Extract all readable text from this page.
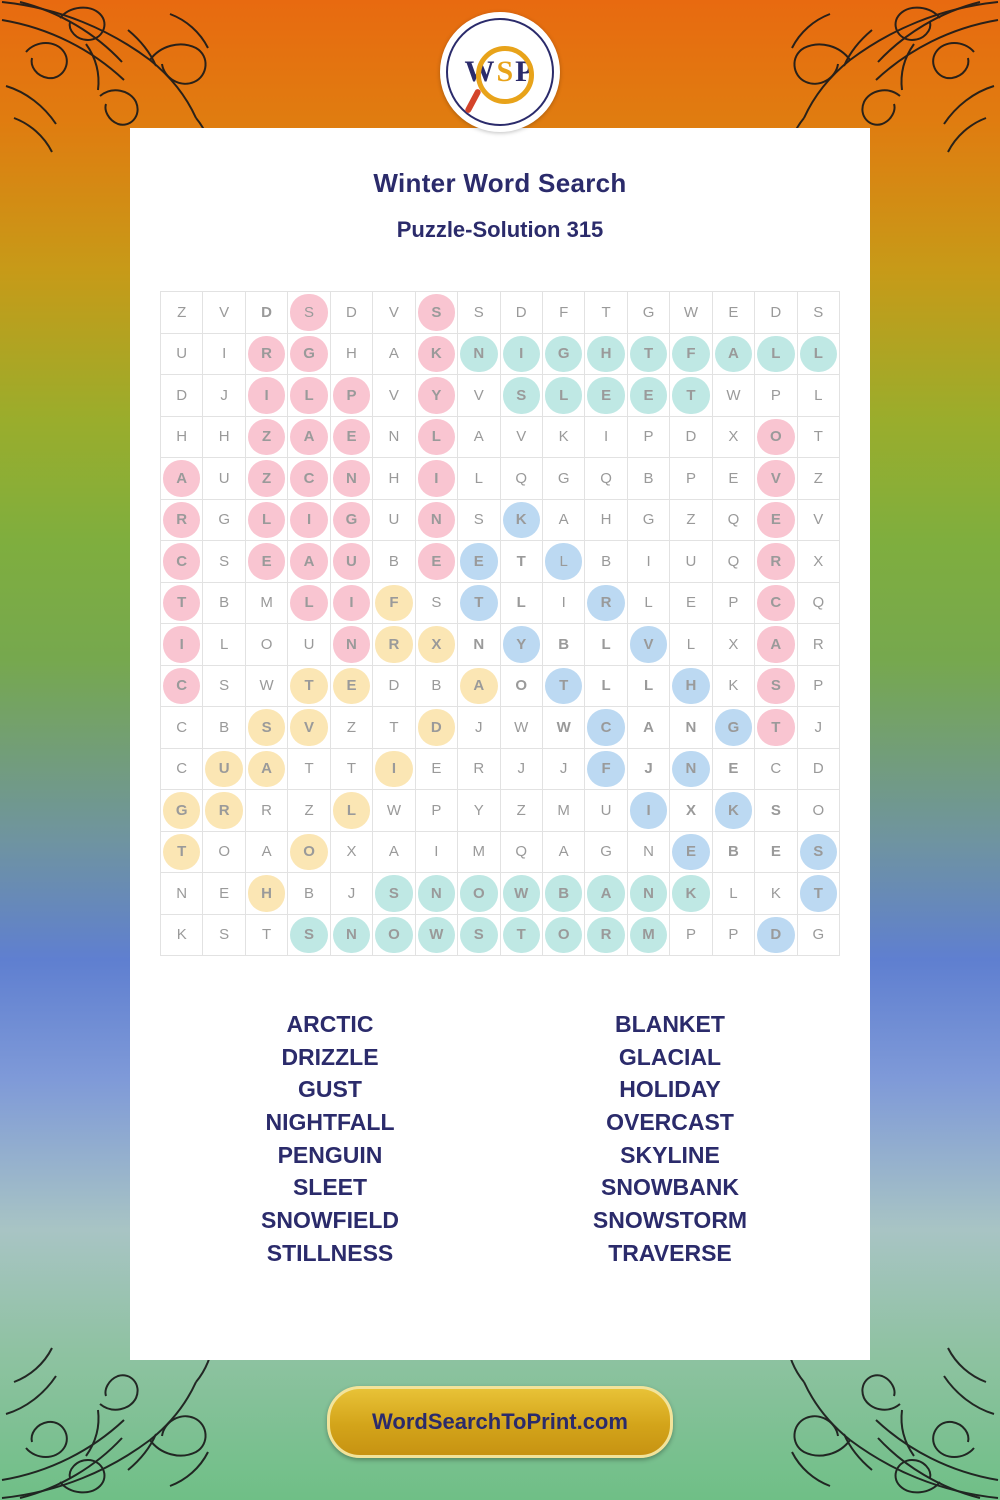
WSP
Winter Word Search
Puzzle-Solution 315
Z	V	D	S	D	V	S	S	D	F	T	G	W	E	D	S
U	I	R	G	H	A	K	N	I	G	H	T	F	A	L	L
D	J	I	L	P	V	Y	V	S	L	E	E	T	W	P	L
H	H	Z	A	E	N	L	A	V	K	I	P	D	X	O	T

A	U	Z	C	N	H	I	L	Q	G	Q	B	P	E	V	Z

R	G	L	I	G	U	N	S	K	A	H	G	Z	Q	E	V

C	S	E	A	U	B	E	E	T	L	B	I	U	Q	R	X

T	B	M	L	I	F	S	T	L	I	R	L	E	P	C	Q

I	L	O	U	N	R	X	N	Y	B	L	V	L	X	A	R

C	S	W	T	E	D	B	A	O	T	L	L	H	K	S	P
C	B	S	V	Z	T	D	J	W	W	C	A	N	G	T	J
C	U	A	T	T	I	E	R	J	J	F	J	N	E	C	D

G	R	R	Z	L	W	P	Y	Z	M	U	I	X	K	S	O

T	O	A	O	X	A	I	M	Q	A	G	N	E	B	E	S
N	E	H	B	J	S	N	O	W	B	A	N	K	L	K	T
K	S	T	S	N	O	W	S	T	O	R	M	P	P	D	G
ARCTIC
DRIZZLE
GUST
NIGHTFALL
PENGUIN
SLEET
SNOWFIELD
STILLNESS
BLANKET
GLACIAL
HOLIDAY
OVERCAST
SKYLINE
SNOWBANK
SNOWSTORM
TRAVERSE
WordSearchToPrint.com
